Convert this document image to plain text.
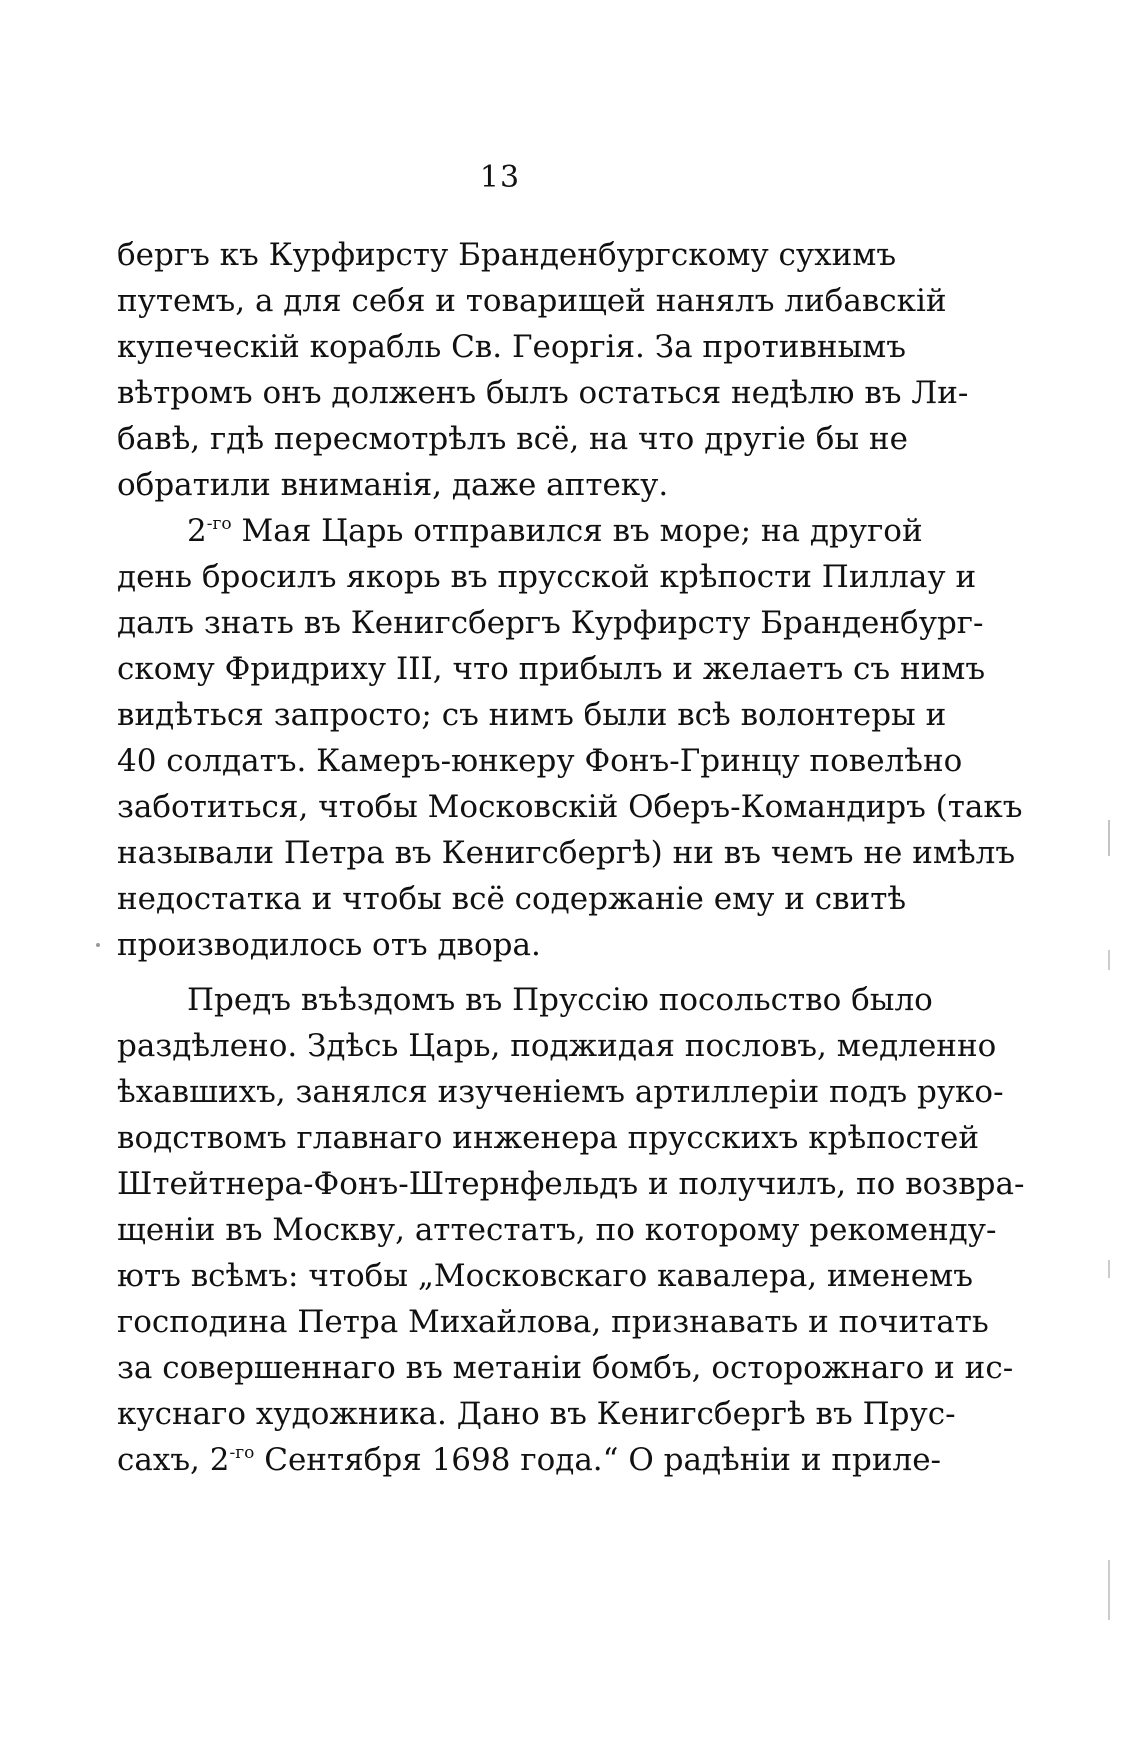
13
бергъ къ Курфирсту Бранденбургскому сухимъ
путемъ, а для себя и товарищей нанялъ либавскій
купеческій корабль Св. Георгія. За противнымъ
вѣтромъ онъ долженъ былъ остаться недѣлю въ Ли-
бавѣ, гдѣ пересмотрѣлъ всё, на что другіе бы не
обратили вниманія, даже аптеку.
$2^{-го}$ Мая Царь отправился въ море; на другой
день бросилъ якорь въ прусской крѣпости Пиллау и
далъ знать въ Кенигсбергъ Курфирсту Бранденбург-
скому Фридриху III, что прибылъ и желаетъ съ нимъ
видѣться запросто; съ нимъ были всѣ волонтеры и
40 солдатъ. Камеръ-юнкеру Фонъ-Гринцу повелѣно
заботиться, чтобы Московскій Оберъ-Командиръ (такъ
называли Петра въ Кенигсбергѣ) ни въ чемъ не имѣлъ
недостатка и чтобы всё содержаніе ему и свитѣ
производилось отъ двора.
Предъ въѣздомъ въ Пруссію посольство было
раздѣлено. Здѣсь Царь, поджидая пословъ, медленно
ѣхавшихъ, занялся изученіемъ артиллеріи подъ руко-
водствомъ главнаго инженера прусскихъ крѣпостей
Штейтнера-Фонъ-Штернфельдъ и получилъ, по возвра-
щеніи въ Москву, аттестатъ, по которому рекоменду-
ютъ всѣмъ: чтобы „Московскаго кавалера, именемъ
господина Петра Михайлова, признавать и почитать
за совершеннаго въ метаніи бомбъ, осторожнаго и ис-
куснаго художника. Дано въ Кенигсбергѣ въ Прус-
сахъ, $2^{-го}$ Сентября 1698 года.“ О радѣніи и приле-
